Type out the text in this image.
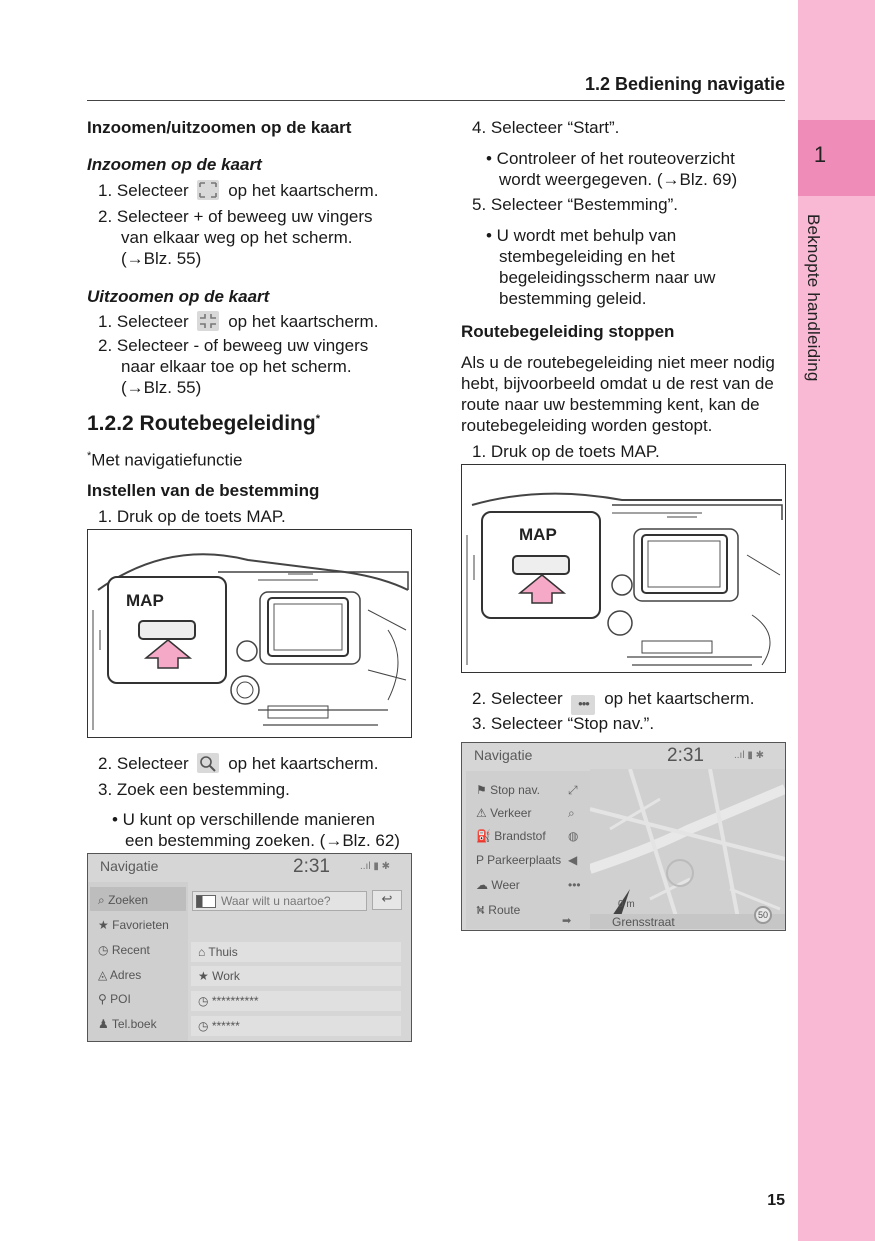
1
Beknopte handleiding
1.2 Bediening navigatie
Inzoomen/uitzoomen op de kaart
Inzoomen op de kaart
1. Selecteer op het kaartscherm.
2. Selecteer + of beweeg uw vingers
van elkaar weg op het scherm.
(→Blz. 55)
Uitzoomen op de kaart
1. Selecteer op het kaartscherm.
2. Selecteer - of beweeg uw vingers
naar elkaar toe op het scherm.
(→Blz. 55)
1.2.2 Routebegeleiding*
*Met navigatiefunctie
Instellen van de bestemming
1. Druk op de toets MAP.
MAP
2. Selecteer op het kaartscherm.
3. Zoek een bestemming.
• U kunt op verschillende manieren
een bestemming zoeken. (→Blz. 62)
Navigatie	2:31	..ıl ▮ ✱
⌕ Zoeken
★ Favorieten
◷ Recent
◬ Adres
⚲ POI
♟ Tel.boek
Waar wilt u naartoe?	↩
⌂ Thuis
★ Work
◷ **********
◷ ******
4. Selecteer “Start”.
• Controleer of het routeoverzicht
wordt weergegeven. (→Blz. 69)
5. Selecteer “Bestemming”.
• U wordt met behulp van
stembegeleiding en het
begeleidingsscherm naar uw
bestemming geleid.
Routebegeleiding stoppen
Als u de routebegeleiding niet meer nodig
hebt, bijvoorbeeld omdat u de rest van de
route naar uw bestemming kent, kan de
routebegeleiding worden gestopt.
1. Druk op de toets MAP.
MAP
2. Selecteer ••• op het kaartscherm.
3. Selecteer “Stop nav.”.
Navigatie	2:31	..ıl ▮ ✱
⚑ Stop nav.
⚠ Verkeer
⛽ Brandstof
P Parkeerplaats
☁ Weer
⛕ Route
⤢
⌕
◍
◀
•••
0 m
Grensstraat
➡	50
15
